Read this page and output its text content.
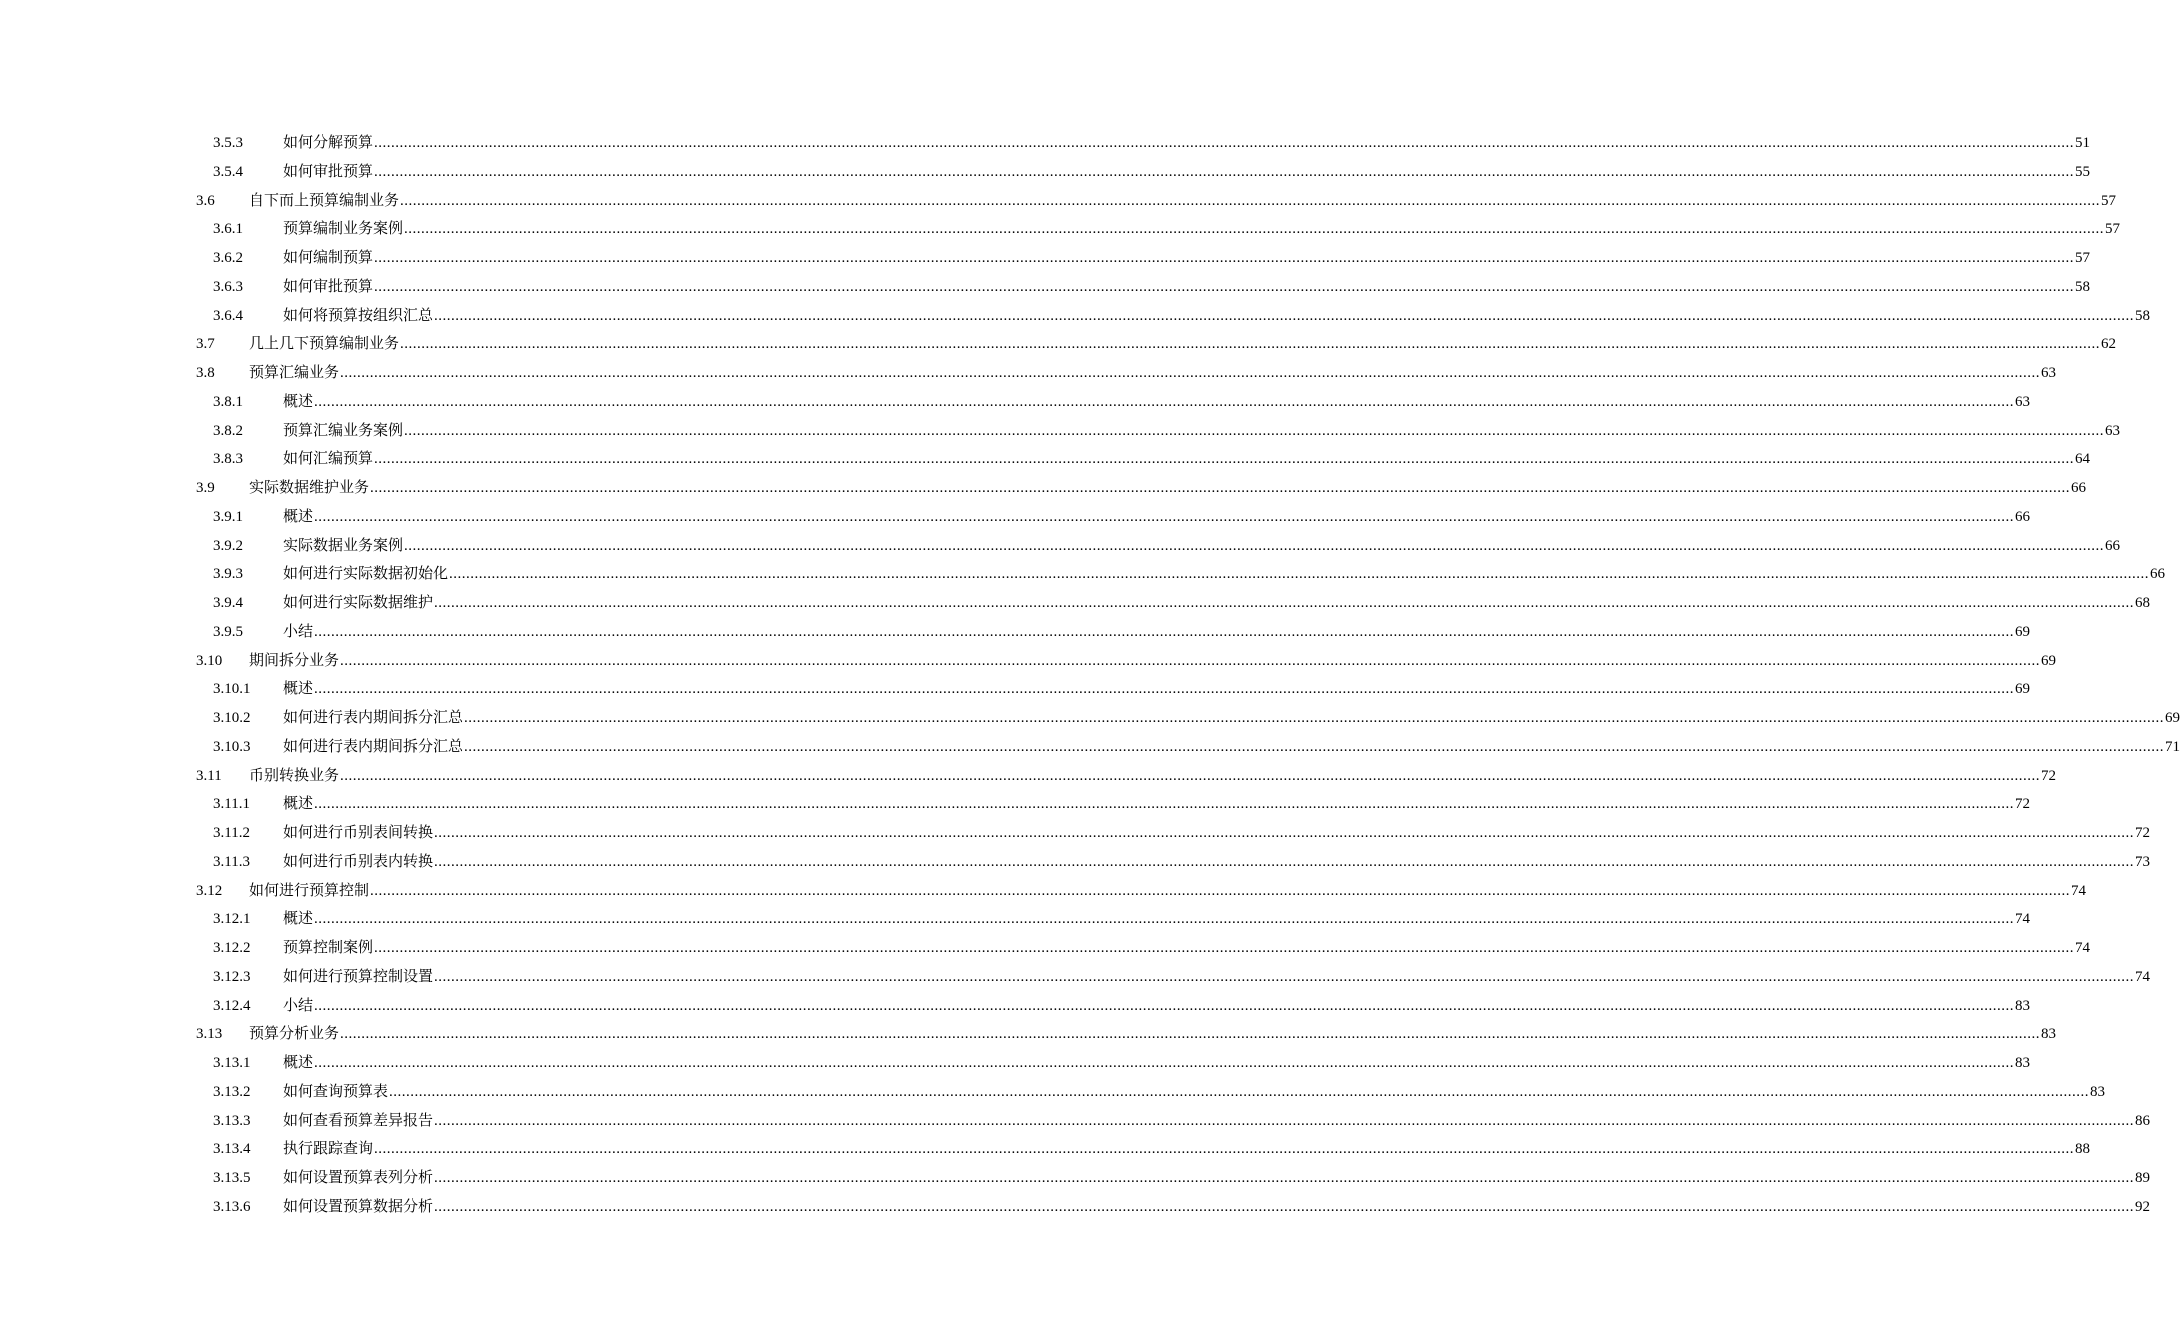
3.5.3	如何分解预算 ................................................................................................................................................................................................................................................................................................................................................................................................................ 51
3.5.4	如何审批预算 ................................................................................................................................................................................................................................................................................................................................................................................................................ 55
3.6 自下而上预算编制业务 ................................................................................................................................................................................................................................................................................................................................................................................................................ 57
3.6.1	预算编制业务案例 ................................................................................................................................................................................................................................................................................................................................................................................................................ 57
3.6.2	如何编制预算 ................................................................................................................................................................................................................................................................................................................................................................................................................ 57
3.6.3	如何审批预算 ................................................................................................................................................................................................................................................................................................................................................................................................................ 58
3.6.4	如何将预算按组织汇总 ................................................................................................................................................................................................................................................................................................................................................................................................................ 58
3.7 几上几下预算编制业务 ................................................................................................................................................................................................................................................................................................................................................................................................................ 62
3.8 预算汇编业务 ................................................................................................................................................................................................................................................................................................................................................................................................................ 63
3.8.1	概述 ................................................................................................................................................................................................................................................................................................................................................................................................................ 63
3.8.2	预算汇编业务案例 ................................................................................................................................................................................................................................................................................................................................................................................................................ 63
3.8.3	如何汇编预算 ................................................................................................................................................................................................................................................................................................................................................................................................................ 64
3.9 实际数据维护业务 ................................................................................................................................................................................................................................................................................................................................................................................................................ 66
3.9.1	概述 ................................................................................................................................................................................................................................................................................................................................................................................................................ 66
3.9.2	实际数据业务案例 ................................................................................................................................................................................................................................................................................................................................................................................................................ 66
3.9.3	如何进行实际数据初始化 ................................................................................................................................................................................................................................................................................................................................................................................................................ 66
3.9.4	如何进行实际数据维护 ................................................................................................................................................................................................................................................................................................................................................................................................................ 68
3.9.5	小结 ................................................................................................................................................................................................................................................................................................................................................................................................................ 69
3.10 期间拆分业务 ................................................................................................................................................................................................................................................................................................................................................................................................................ 69
3.10.1 概述 ................................................................................................................................................................................................................................................................................................................................................................................................................ 69
3.10.2 如何进行表内期间拆分汇总 ................................................................................................................................................................................................................................................................................................................................................................................................................ 69
3.10.3 如何进行表内期间拆分汇总 ................................................................................................................................................................................................................................................................................................................................................................................................................ 71
3.11 币别转换业务 ................................................................................................................................................................................................................................................................................................................................................................................................................ 72
3.11.1 概述 ................................................................................................................................................................................................................................................................................................................................................................................................................ 72
3.11.2 如何进行币别表间转换 ................................................................................................................................................................................................................................................................................................................................................................................................................ 72
3.11.3 如何进行币别表内转换 ................................................................................................................................................................................................................................................................................................................................................................................................................ 73
3.12 如何进行预算控制 ................................................................................................................................................................................................................................................................................................................................................................................................................ 74
3.12.1 概述 ................................................................................................................................................................................................................................................................................................................................................................................................................ 74
3.12.2 预算控制案例 ................................................................................................................................................................................................................................................................................................................................................................................................................ 74
3.12.3 如何进行预算控制设置 ................................................................................................................................................................................................................................................................................................................................................................................................................ 74
3.12.4 小结 ................................................................................................................................................................................................................................................................................................................................................................................................................ 83
3.13 预算分析业务 ................................................................................................................................................................................................................................................................................................................................................................................................................ 83
3.13.1 概述 ................................................................................................................................................................................................................................................................................................................................................................................................................ 83
3.13.2 如何查询预算表 ................................................................................................................................................................................................................................................................................................................................................................................................................ 83
3.13.3 如何查看预算差异报告 ................................................................................................................................................................................................................................................................................................................................................................................................................ 86
3.13.4 执行跟踪查询 ................................................................................................................................................................................................................................................................................................................................................................................................................ 88
3.13.5 如何设置预算表列分析 ................................................................................................................................................................................................................................................................................................................................................................................................................ 89
3.13.6 如何设置预算数据分析 ................................................................................................................................................................................................................................................................................................................................................................................................................ 92
